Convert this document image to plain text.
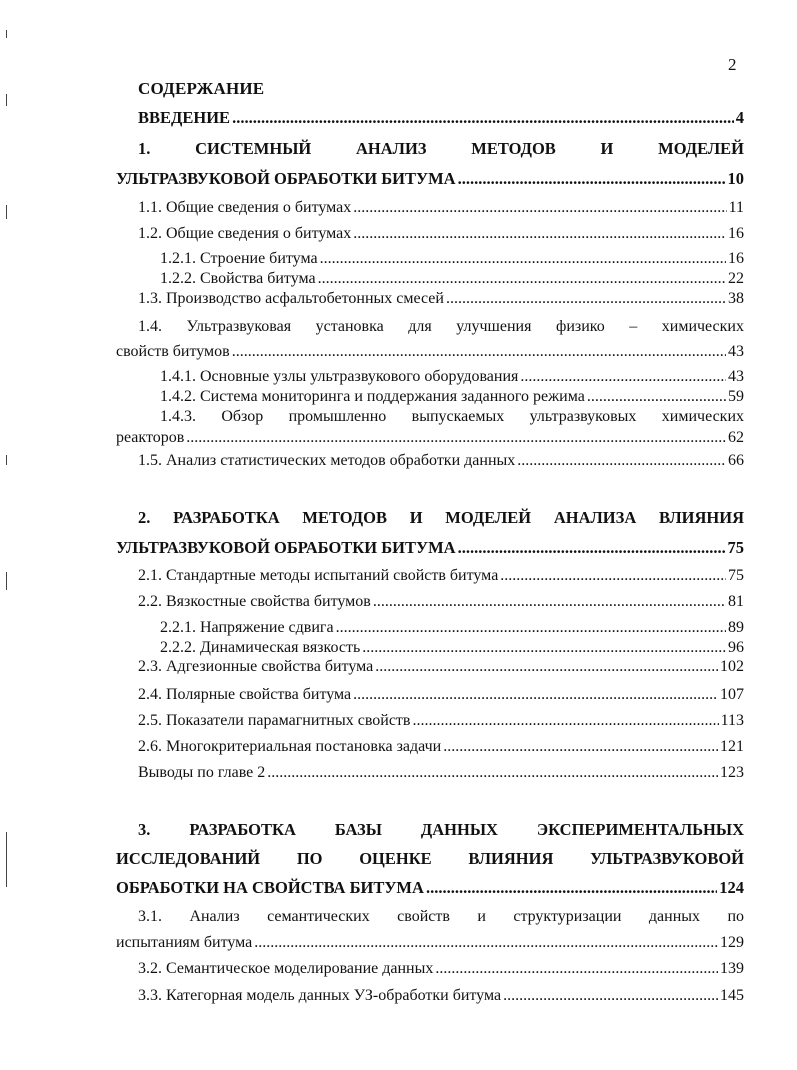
2
СОДЕРЖАНИЕ
ВВЕДЕНИЕ .....	4
1. СИСТЕМНЫЙ АНАЛИЗ МЕТОДОВ И МОДЕЛЕЙ
УЛЬТРАЗВУКОВОЙ ОБРАБОТКИ БИТУМА .....	10
1.1. Общие сведения о битумах .....	11
1.2. Общие сведения о битумах .....	16
1.2.1. Строение битума .....	16
1.2.2. Свойства битума .....	22
1.3. Производство асфальтобетонных смесей .....	38
1.4. Ультразвуковая установка для улучшения физико – химических
свойств битумов .....	43
1.4.1. Основные узлы ультразвукового оборудования .....	43
1.4.2. Система мониторинга и поддержания заданного режима .....	59
1.4.3. Обзор промышленно выпускаемых ультразвуковых химических
реакторов .....	62
1.5. Анализ статистических методов обработки данных .....	66
2. РАЗРАБОТКА МЕТОДОВ И МОДЕЛЕЙ АНАЛИЗА ВЛИЯНИЯ
УЛЬТРАЗВУКОВОЙ ОБРАБОТКИ БИТУМА .....	75
2.1. Стандартные методы испытаний свойств битума .....	75
2.2. Вязкостные свойства битумов .....	81
2.2.1. Напряжение сдвига .....	89
2.2.2. Динамическая вязкость .....	96
2.3. Адгезионные свойства битума .....	102
2.4. Полярные свойства битума .....	107
2.5. Показатели парамагнитных свойств .....	113
2.6. Многокритериальная постановка задачи .....	121
Выводы по главе 2 .....	123
3. РАЗРАБОТКА БАЗЫ ДАННЫХ ЭКСПЕРИМЕНТАЛЬНЫХ
ИССЛЕДОВАНИЙ ПО ОЦЕНКЕ ВЛИЯНИЯ УЛЬТРАЗВУКОВОЙ
ОБРАБОТКИ НА СВОЙСТВА БИТУМА .....	124
3.1. Анализ семантических свойств и структуризации данных по
испытаниям битума .....	129
3.2. Семантическое моделирование данных .....	139
3.3. Категорная модель данных УЗ-обработки битума .....	145
